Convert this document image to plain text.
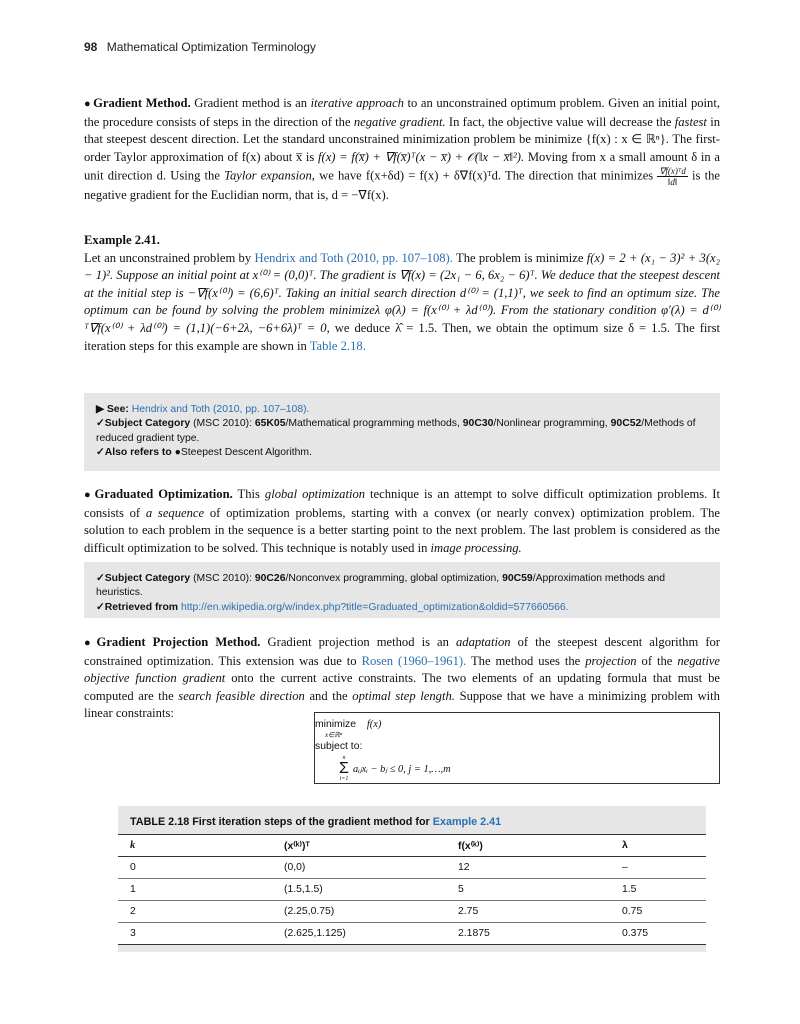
98 Mathematical Optimization Terminology
● Gradient Method. Gradient method is an iterative approach to an unconstrained optimum problem. Given an initial point, the procedure consists of steps in the direction of the negative gradient. In fact, the objective value will decrease the fastest in that steepest descent direction. Let the standard unconstrained minimization problem be minimize {f(x) : x ∈ ℝⁿ}. The first-order Taylor approximation of f(x) about x̅ is f(x) = f(x̅) + ∇f(x̅)ᵀ(x − x̅) + 𝒪(‖x − x̅‖²). Moving from x a small amount δ in a unit direction d. Using the Taylor expansion, we have f(x+δd) = f(x) + δ∇f(x)ᵀd. The direction that minimizes $\frac{\text{∇f(x)ᵀd}}{‖d‖}$ is the negative gradient for the Euclidian norm, that is, d = −∇f(x).
Example 2.41.
Let an unconstrained problem by Hendrix and Toth (2010, pp. 107–108). The problem is minimize f(x) = 2 + (x₁ − 3)² + 3(x₂ − 1)². Suppose an initial point at x⁽⁰⁾ = (0,0)ᵀ. The gradient is ∇f(x) = (2x₁ − 6, 6x₂ − 6)ᵀ. We deduce that the steepest descent at the initial step is −∇f(x⁽⁰⁾) = (6,6)ᵀ. Taking an initial search direction d⁽⁰⁾ = (1,1)ᵀ, we seek to find an optimum size. The optimum can be found by solving the problem minimizeλ φ(λ) = f(x⁽⁰⁾ + λd⁽⁰⁾). From the stationary condition φ′(λ) = d⁽⁰⁾ᵀ∇f(x⁽⁰⁾ + λd⁽⁰⁾) = (1,1)(−6+2λ, −6+6λ)ᵀ = 0, we deduce λ̂ = 1.5. Then, we obtain the optimum size δ = 1.5. The first iteration steps for this example are shown in Table 2.18.

▶ See: Hendrix and Toth (2010, pp. 107–108).

✓Subject Category (MSC 2010): 65K05/Mathematical programming methods, 90C30/Nonlinear programming, 90C52/Methods of reduced gradient type.

✓Also refers to ●Steepest Descent Algorithm.

● Graduated Optimization. This global optimization technique is an attempt to solve difficult optimization problems. It consists of a sequence of optimization problems, starting with a convex (or nearly convex) optimization problem. The solution to each problem in the sequence is a better starting point to the next problem. The last problem is considered as the difficult optimization to be solved. This technique is notably used in image processing.

✓Subject Category (MSC 2010): 90C26/Nonconvex programming, global optimization, 90C59/Approximation methods and heuristics.

✓Retrieved from http://en.wikipedia.org/w/index.php?title=Graduated_optimization&oldid=577660566.

● Gradient Projection Method. Gradient projection method is an adaptation of the steepest descent algorithm for constrained optimization. This extension was due to Rosen (1960–1961). The method uses the projection of the negative objective function gradient onto the current active constraints. The two elements of an updating formula that must be computed are the search feasible direction and the optimal step length. Suppose that we have a minimizing problem with linear constraints:
minimize f(x)
x∈ℝⁿ
subject to:
n
Σ
i=1
aᵢⱼxᵢ − bⱼ ≤ 0, j = 1,…,m
TABLE 2.18 First iteration steps of the gradient method for Example 2.41
k	(x⁽ᵏ⁾)ᵀ	f(x⁽ᵏ⁾)	λ
0	(0,0)	12	–
1	(1.5,1.5)	5	1.5
2	(2.25,0.75)	2.75	0.75
3	(2.625,1.125)	2.1875	0.375
